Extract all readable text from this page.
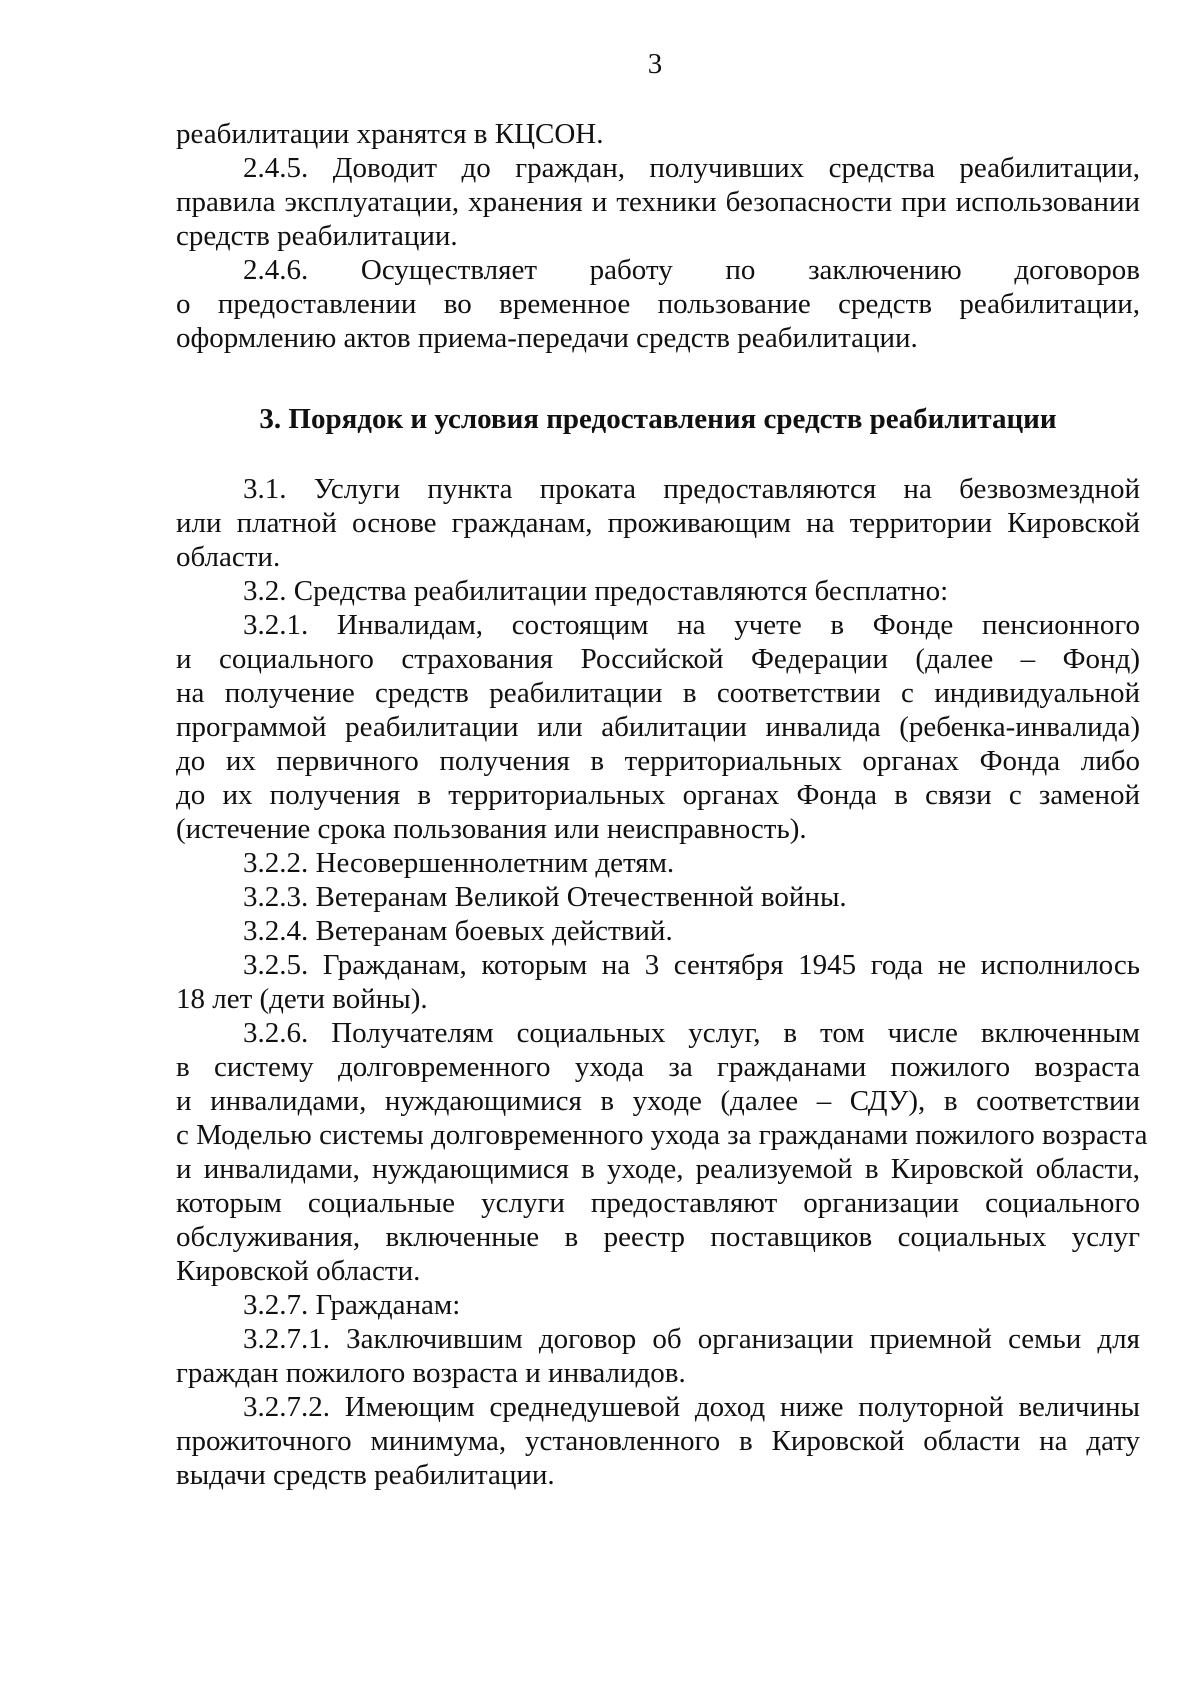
3
реабилитации хранятся в КЦСОН.
2.4.5. Доводит до граждан, получивших средства реабилитации,
правила эксплуатации, хранения и техники безопасности при использовании
средств реабилитации.
2.4.6. Осуществляет работу по заключению договоров
о предоставлении во временное пользование средств реабилитации,
оформлению актов приема-передачи средств реабилитации.
3. Порядок и условия предоставления средств реабилитации
3.1. Услуги пункта проката предоставляются на безвозмездной
или платной основе гражданам, проживающим на территории Кировской
области.
3.2. Средства реабилитации предоставляются бесплатно:
3.2.1. Инвалидам, состоящим на учете в Фонде пенсионного
и социального страхования Российской Федерации (далее – Фонд)
на получение средств реабилитации в соответствии с индивидуальной
программой реабилитации или абилитации инвалида (ребенка-инвалида)
до их первичного получения в территориальных органах Фонда либо
до их получения в территориальных органах Фонда в связи с заменой
(истечение срока пользования или неисправность).
3.2.2. Несовершеннолетним детям.
3.2.3. Ветеранам Великой Отечественной войны.
3.2.4. Ветеранам боевых действий.
3.2.5. Гражданам, которым на 3 сентября 1945 года не исполнилось
18 лет (дети войны).
3.2.6. Получателям социальных услуг, в том числе включенным
в систему долговременного ухода за гражданами пожилого возраста
и инвалидами, нуждающимися в уходе (далее – СДУ), в соответствии
с Моделью системы долговременного ухода за гражданами пожилого возраста
и инвалидами, нуждающимися в уходе, реализуемой в Кировской области,
которым социальные услуги предоставляют организации социального
обслуживания, включенные в реестр поставщиков социальных услуг
Кировской области.
3.2.7. Гражданам:
3.2.7.1. Заключившим договор об организации приемной семьи для
граждан пожилого возраста и инвалидов.
3.2.7.2. Имеющим среднедушевой доход ниже полуторной величины
прожиточного минимума, установленного в Кировской области на дату
выдачи средств реабилитации.
